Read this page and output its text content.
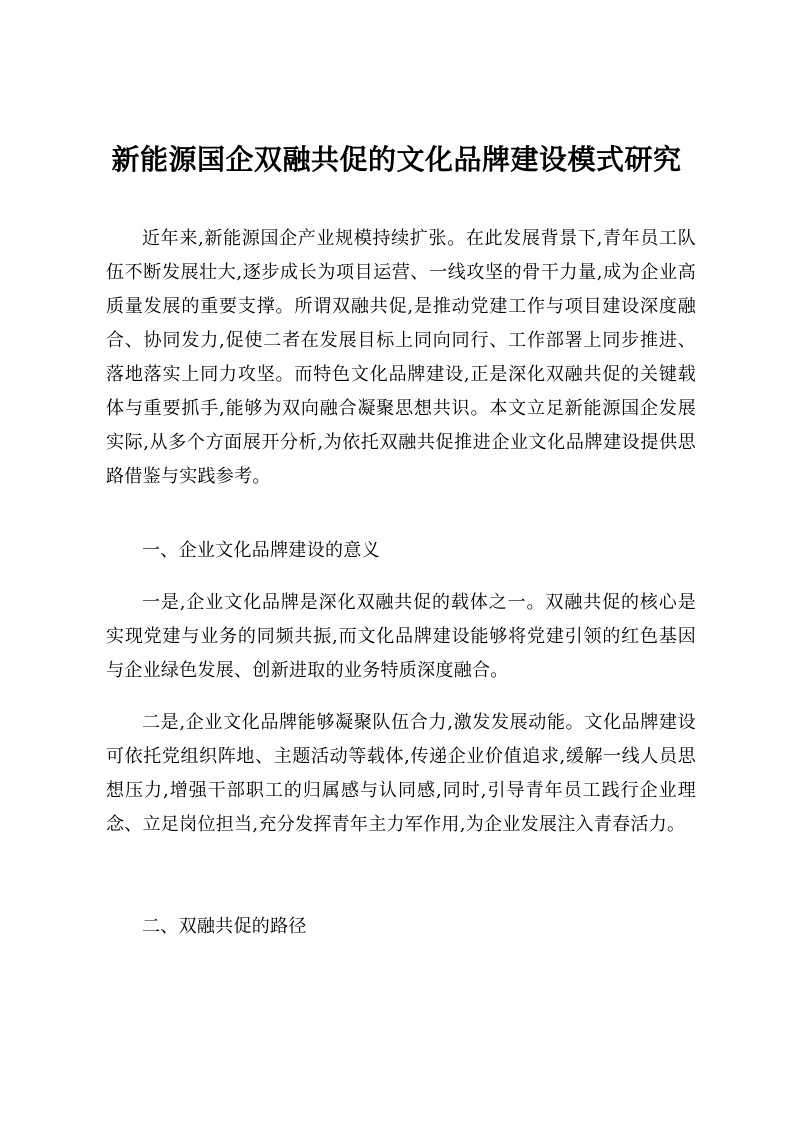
新能源国企双融共促的文化品牌建设模式研究

近年来,新能源国企产业规模持续扩张。在此发展背景下,青年员工队伍不断发展壮大,逐步成长为项目运营、一线攻坚的骨干力量,成为企业高质量发展的重要支撑。所谓双融共促,是推动党建工作与项目建设深度融合、协同发力,促使二者在发展目标上同向同行、工作部署上同步推进、落地落实上同力攻坚。而特色文化品牌建设,正是深化双融共促的关键载体与重要抓手,能够为双向融合凝聚思想共识。本文立足新能源国企发展实际,从多个方面展开分析,为依托双融共促推进企业文化品牌建设提供思路借鉴与实践参考。

一、企业文化品牌建设的意义

一是,企业文化品牌是深化双融共促的载体之一。双融共促的核心是实现党建与业务的同频共振,而文化品牌建设能够将党建引领的红色基因与企业绿色发展、创新进取的业务特质深度融合。

二是,企业文化品牌能够凝聚队伍合力,激发发展动能。文化品牌建设可依托党组织阵地、主题活动等载体,传递企业价值追求,缓解一线人员思想压力,增强干部职工的归属感与认同感,同时,引导青年员工践行企业理念、立足岗位担当,充分发挥青年主力军作用,为企业发展注入青春活力。

二、双融共促的路径
